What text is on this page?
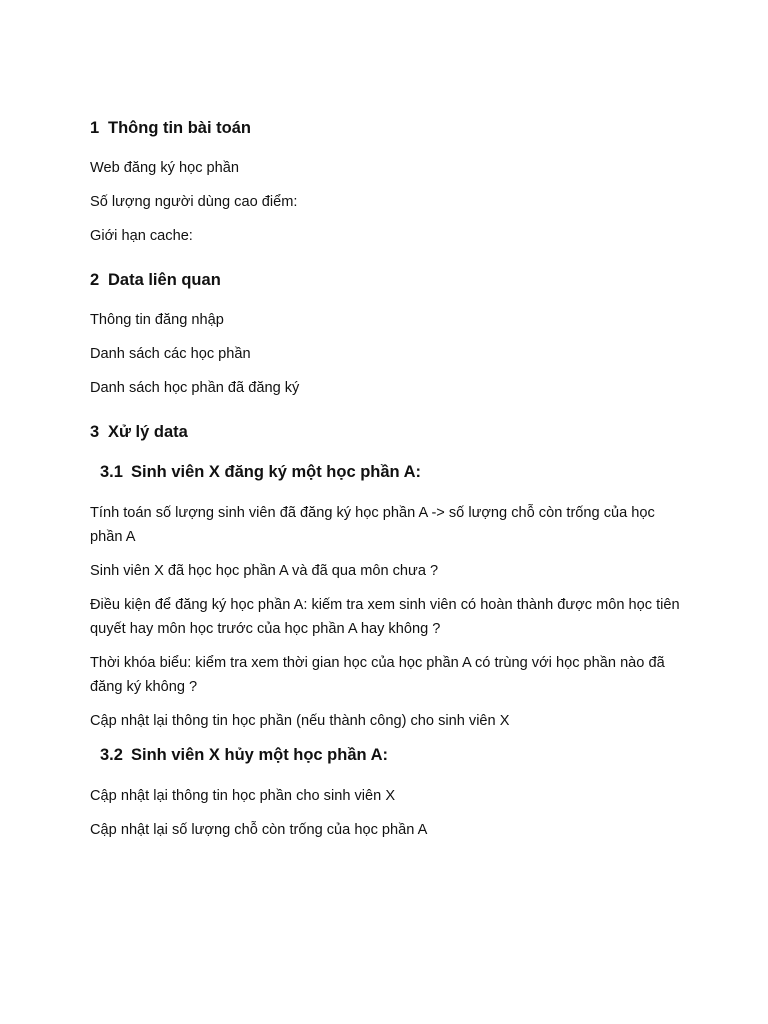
1 Thông tin bài toán

Web đăng ký học phần

Số lượng người dùng cao điểm:

Giới hạn cache:

2 Data liên quan

Thông tin đăng nhập

Danh sách các học phần

Danh sách học phần đã đăng ký

3 Xử lý data
3.1 Sinh viên X đăng ký một học phần A:

Tính toán số lượng sinh viên đã đăng ký học phần A -> số lượng chỗ còn trống của học phần A

Sinh viên X đã học học phần A và đã qua môn chưa ?

Điều kiện để đăng ký học phần A: kiếm tra xem sinh viên có hoàn thành được môn học tiên quyết hay môn học trước của học phần A hay không ?

Thời khóa biểu: kiểm tra xem thời gian học của học phần A có trùng với học phần nào đã đăng ký không ?

Cập nhật lại thông tin học phần (nếu thành công) cho sinh viên X

3.2 Sinh viên X hủy một học phần A:

Cập nhật lại thông tin học phần cho sinh viên X

Cập nhật lại số lượng chỗ còn trống của học phần A
